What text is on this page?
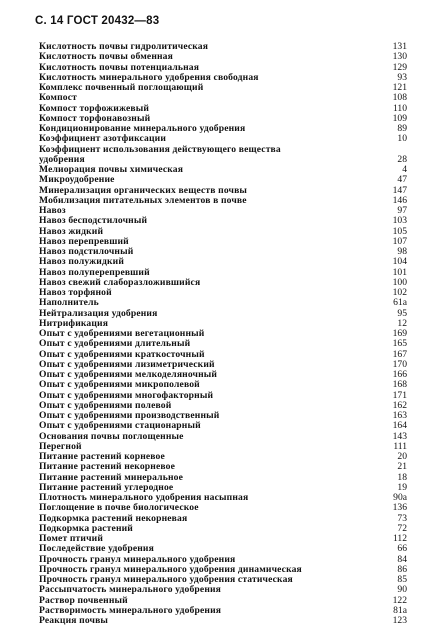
С. 14 ГОСТ 20432—83
Кислотность почвы гидролитическая	131
Кислотность почвы обменная	130
Кислотность почвы потенциальная	129
Кислотность минерального удобрения свободная	93
Комплекс почвенный поглощающий	121
Компост	108
Компост торфожижевый	110
Компост торфонавозный	109
Кондиционирование минерального удобрения	89
Коэффициент азотфиксации	10
Коэффициент использования действующего вещества
удобрения	28
Мелиорация почвы химическая	4
Микроудобрение	47
Минерализация органических веществ почвы	147
Мобилизация питательных элементов в почве	146
Навоз	97
Навоз бесподстилочный	103
Навоз жидкий	105
Навоз перепревший	107
Навоз подстилочный	98
Навоз полужидкий	104
Навоз полуперепревший	101
Навоз свежий слаборазложившийся	100
Навоз торфяной	102
Наполнитель	61а
Нейтрализация удобрения	95
Нитрификация	12
Опыт с удобрениями вегетационный	169
Опыт с удобрениями длительный	165
Опыт с удобрениями краткосточный	167
Опыт с удобрениями лизиметрический	170
Опыт с удобрениями мелкоделяночный	166
Опыт с удобрениями микрополевой	168
Опыт с удобрениями многофакторный	171
Опыт с удобрениями полевой	162
Опыт с удобрениями производственный	163
Опыт с удобрениями стационарный	164
Основания почвы поглощенные	143
Перегной	111
Питание растений корневое	20
Питание растений некорневое	21
Питание растений минеральное	18
Питание растений углеродное	19
Плотность минерального удобрения насыпная	90а
Поглощение в почве биологическое	136
Подкормка растений некорневая	73
Подкормка растений	72
Помет птичий	112
Последействие удобрения	66
Прочность гранул минерального удобрения	84
Прочность гранул минерального удобрения динамическая	86
Прочность гранул минерального удобрения статическая	85
Рассыпчатость минерального удобрения	90
Раствор почвенный	122
Растворимость минерального удобрения	81а
Реакция почвы	123
